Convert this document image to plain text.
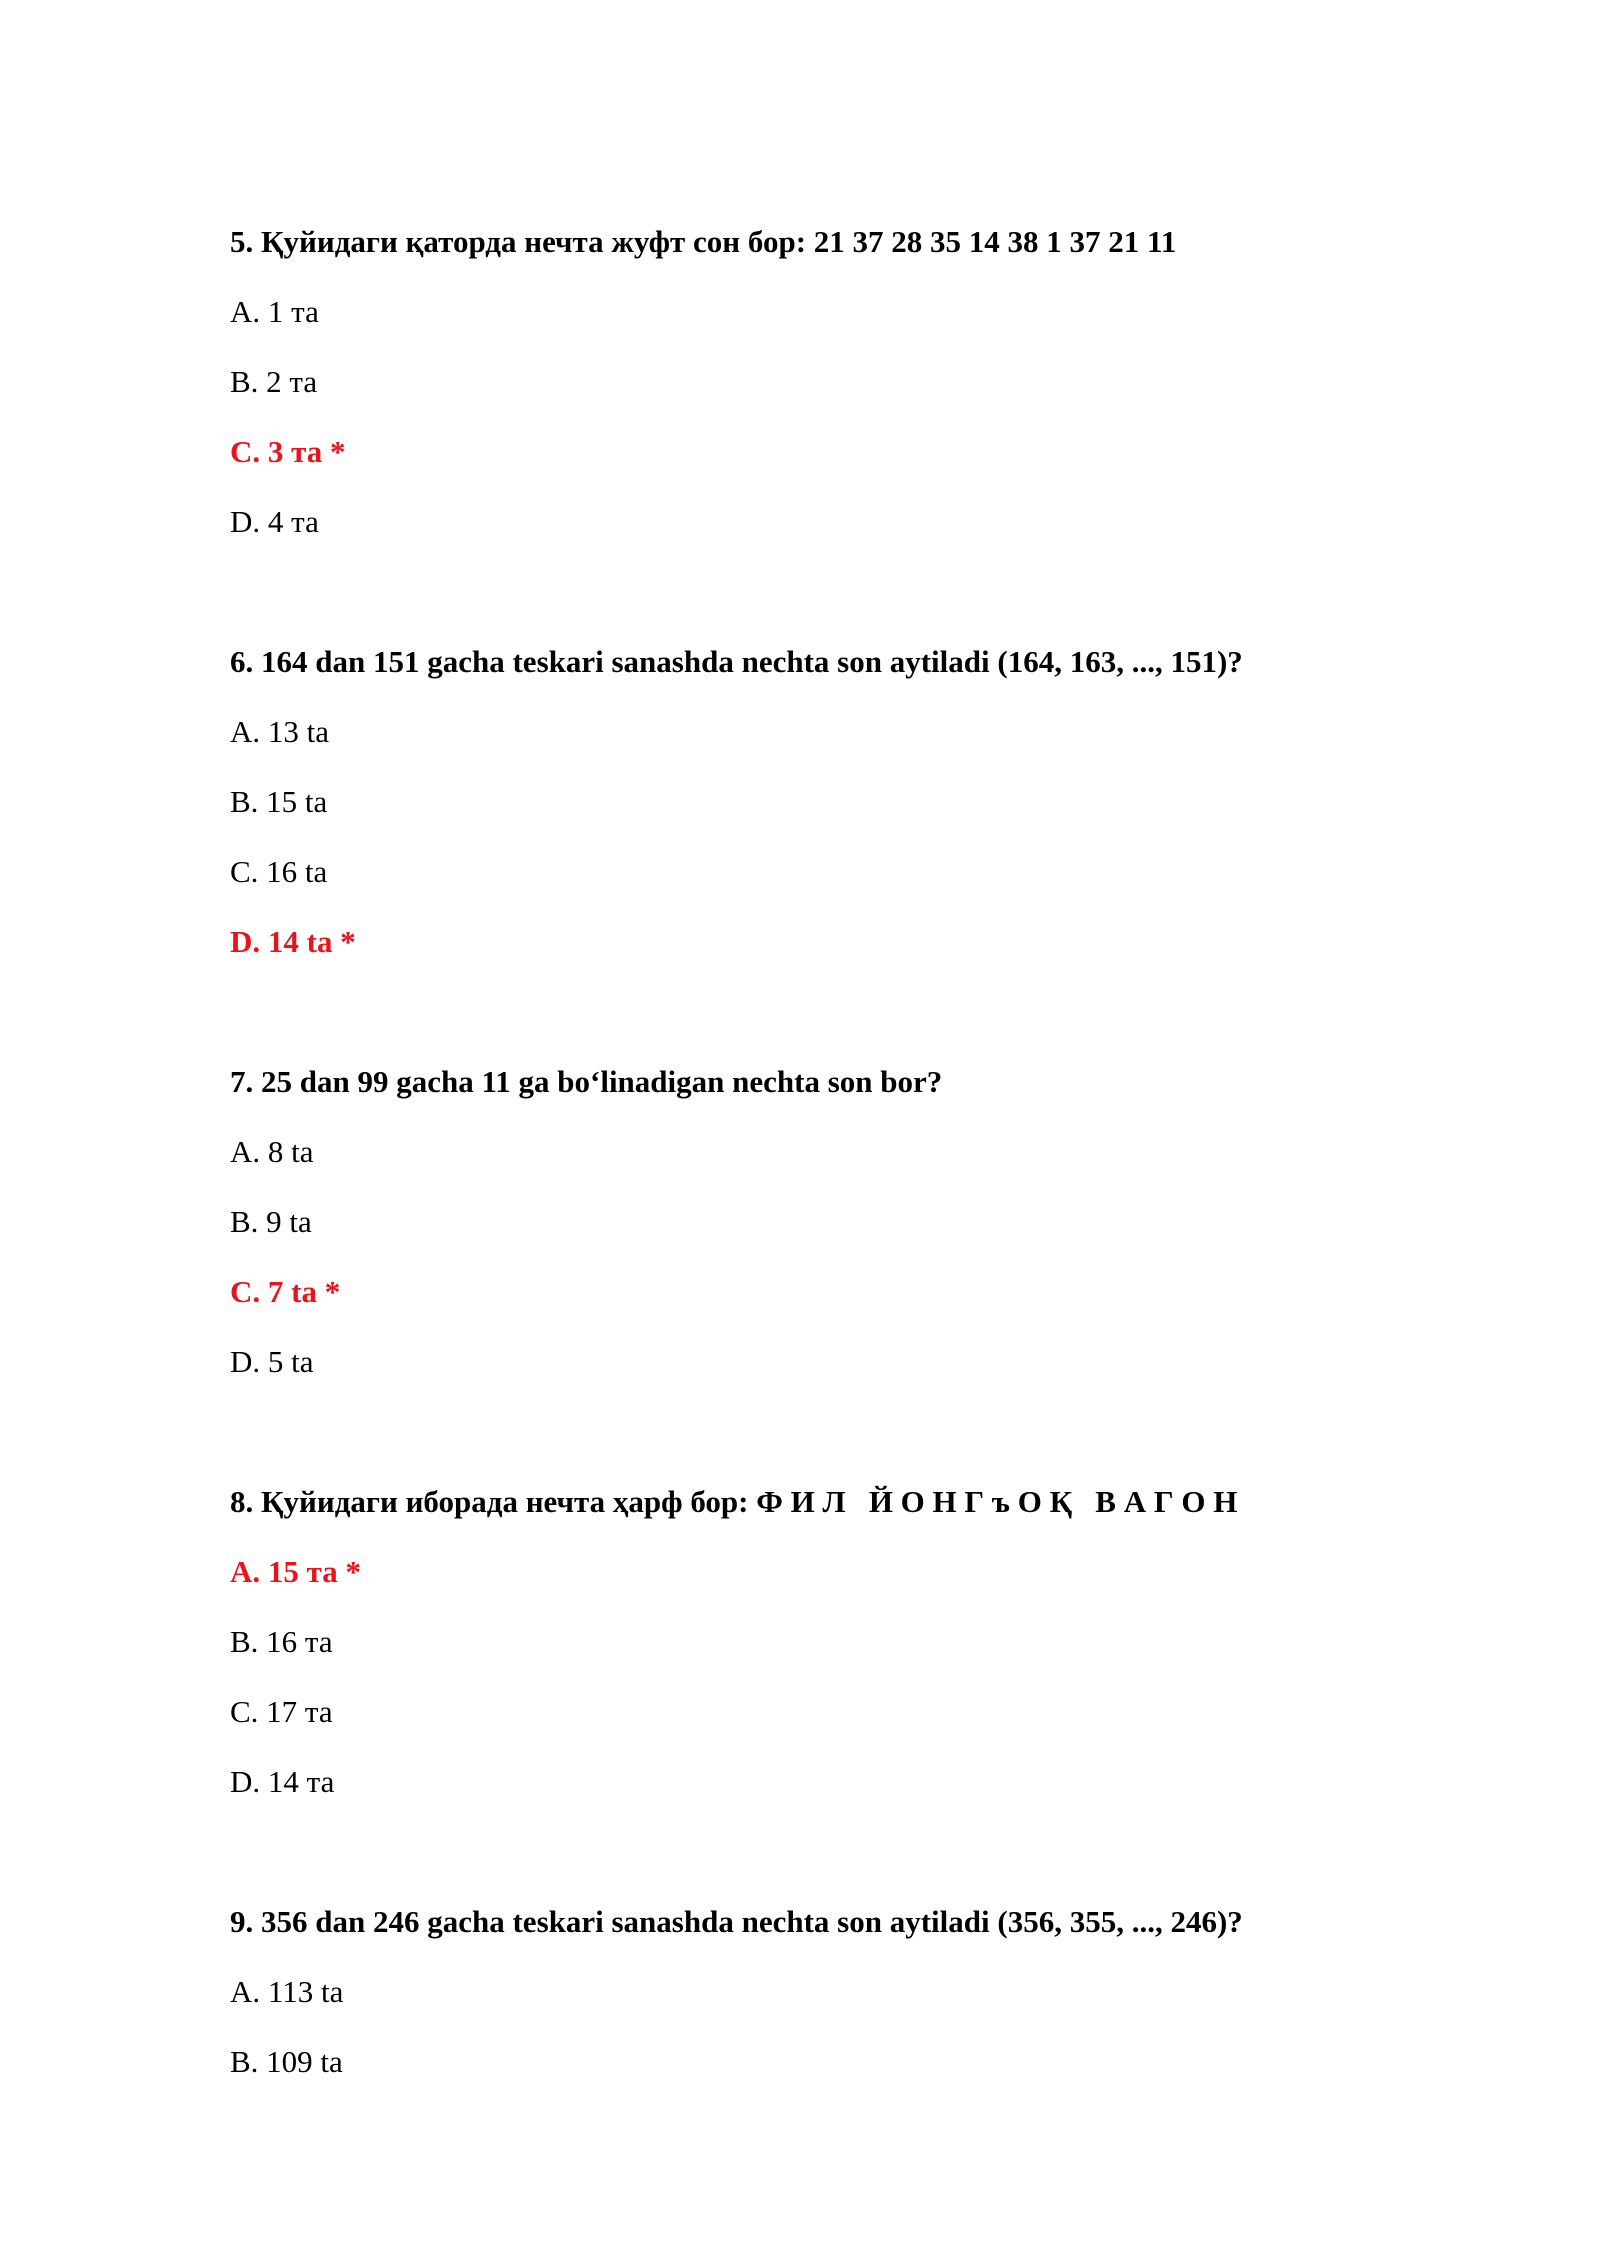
5. Қуйидаги қаторда нечта жуфт сон бор: 21 37 28 35 14 38 1 37 21 11
A. 1 та
B. 2 та
C. 3 та *
D. 4 та
6. 164 dan 151 gacha teskari sanashda nechta son aytiladi (164, 163, ..., 151)?
A. 13 ta
B. 15 ta
C. 16 ta
D. 14 ta *
7. 25 dan 99 gacha 11 ga bo‘linadigan nechta son bor?
A. 8 ta
B. 9 ta
C. 7 ta *
D. 5 ta
8. Қуйидаги иборада нечта ҳарф бор: Ф И Л   Й О Н Г ъ О Қ   В А Г О Н
A. 15 та *
B. 16 та
C. 17 та
D. 14 та
9. 356 dan 246 gacha teskari sanashda nechta son aytiladi (356, 355, ..., 246)?
A. 113 ta
B. 109 ta
